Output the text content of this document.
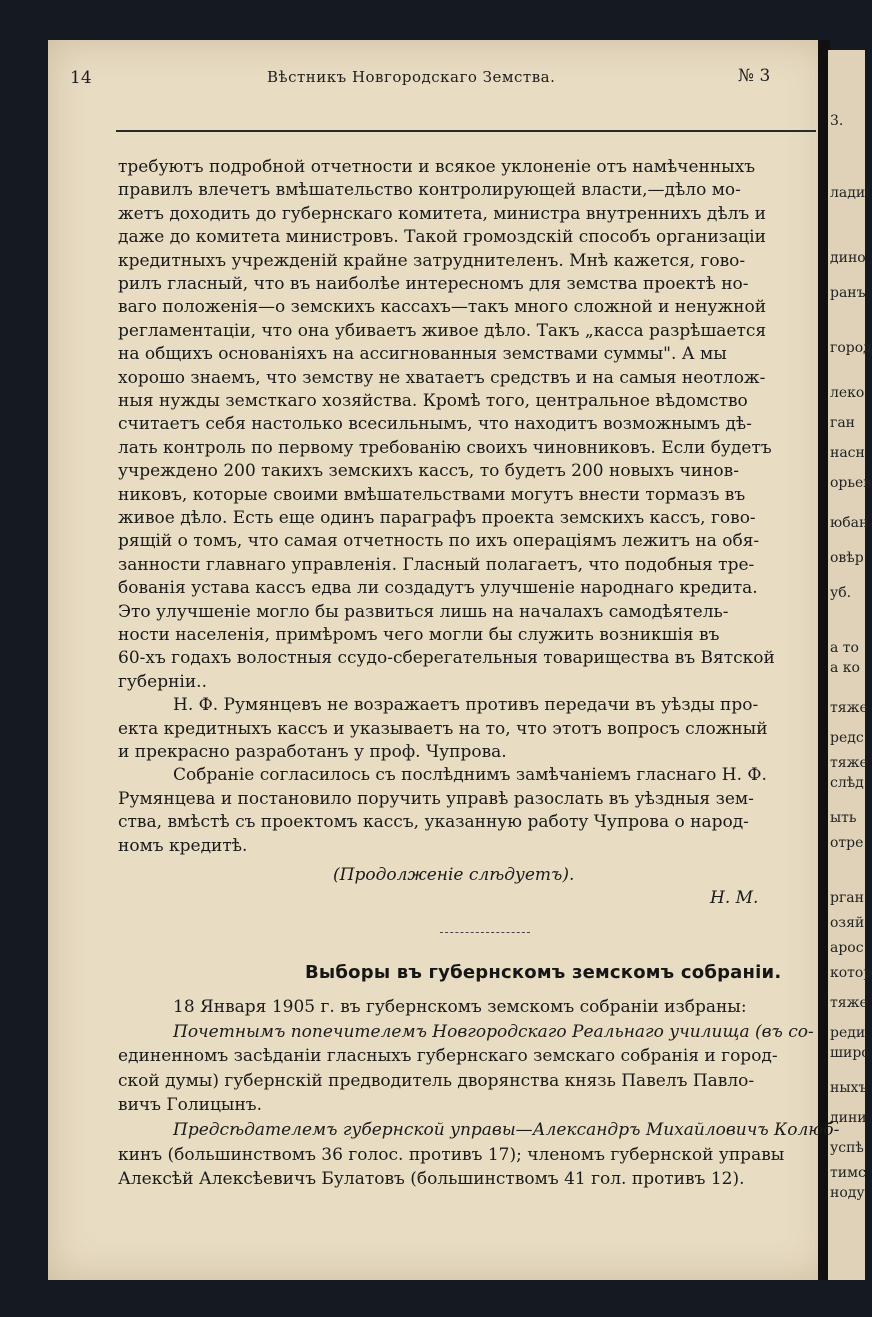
3.
ладиі
дино
ранъ
город
леко
ган
насн
орьев
юбан
овѣр
уб.
а то
а ко
тяже
редс
тяже
слѣд
ыть
отре
рган
озяй
арос
котор
тяже
реди
широ
ныхъ
дини
успѣ
тимс
ноду
14	Вѣстникъ Новгородскаго Земства.	№ 3
требуютъ подробной отчетности и всякое уклоненіе отъ намѣченныхъ
правилъ влечетъ вмѣшательство контролирующей власти,—дѣло мо-
жетъ доходить до губернскаго комитета, министра внутреннихъ дѣлъ и
даже до комитета министровъ. Такой громоздскій способъ организаціи
кредитныхъ учрежденій крайне затруднителенъ. Мнѣ кажется, гово-
рилъ гласный, что въ наиболѣе интересномъ для земства проектѣ но-
ваго положенія—о земскихъ кассахъ—такъ много сложной и ненужной
регламентаціи, что она убиваетъ живое дѣло. Такъ „касса разрѣшается
на общихъ основаніяхъ на ассигнованныя земствами суммы". А мы
хорошо знаемъ, что земству не хватаетъ средствъ и на самыя неотлож-
ныя нужды земсткаго хозяйства. Кромѣ того, центральное вѣдомство
считаетъ себя настолько всесильнымъ, что находитъ возможнымъ дѣ-
лать контроль по первому требованію своихъ чиновниковъ. Если будетъ
учреждено 200 такихъ земскихъ кассъ, то будетъ 200 новыхъ чинов-
никовъ, которые своими вмѣшательствами могутъ внести тормазъ въ
живое дѣло. Есть еще одинъ параграфъ проекта земскихъ кассъ, гово-
рящій о томъ, что самая отчетность по ихъ операціямъ лежитъ на обя-
занности главнаго управленія. Гласный полагаетъ, что подобныя тре-
бованія устава кассъ едва ли создадутъ улучшеніе народнаго кредита.
Это улучшеніе могло бы развиться лишь на началахъ самодѣятель-
ности населенія, примѣромъ чего могли бы служить возникшія въ
60-хъ годахъ волостныя ссудо-сберегательныя товарищества въ Вятской
губерніи..
Н. Ф. Румянцевъ не возражаетъ противъ передачи въ уѣзды про-
екта кредитныхъ кассъ и указываетъ на то, что этотъ вопросъ сложный
и прекрасно разработанъ у проф. Чупрова.
Собраніе согласилось съ послѣднимъ замѣчаніемъ гласнаго Н. Ф.
Румянцева и постановило поручить управѣ разослать въ уѣздныя зем-
ства, вмѣстѣ съ проектомъ кассъ, указанную работу Чупрова о народ-
номъ кредитѣ.
(Продолженіе слѣдуетъ).
Н. М.
18 Января 1905 г. въ губернскомъ земскомъ собраніи избраны:
Почетнымъ попечителемъ Новгородскаго Реальнаго училища (въ со-
единенномъ засѣданіи гласныхъ губернскаго земскаго собранія и город-
ской думы) губернскій предводитель дворянства князь Павелъ Павло-
вичъ Голицынъ.
Предсѣдателемъ губернской управы—Александръ Михайловичъ Колюб-
кинъ (большинствомъ 36 голос. противъ 17); членомъ губернской управы
Алексѣй Алексѣевичъ Булатовъ (большинствомъ 41 гол. противъ 12).
Выборы въ губернскомъ земскомъ собраніи.
